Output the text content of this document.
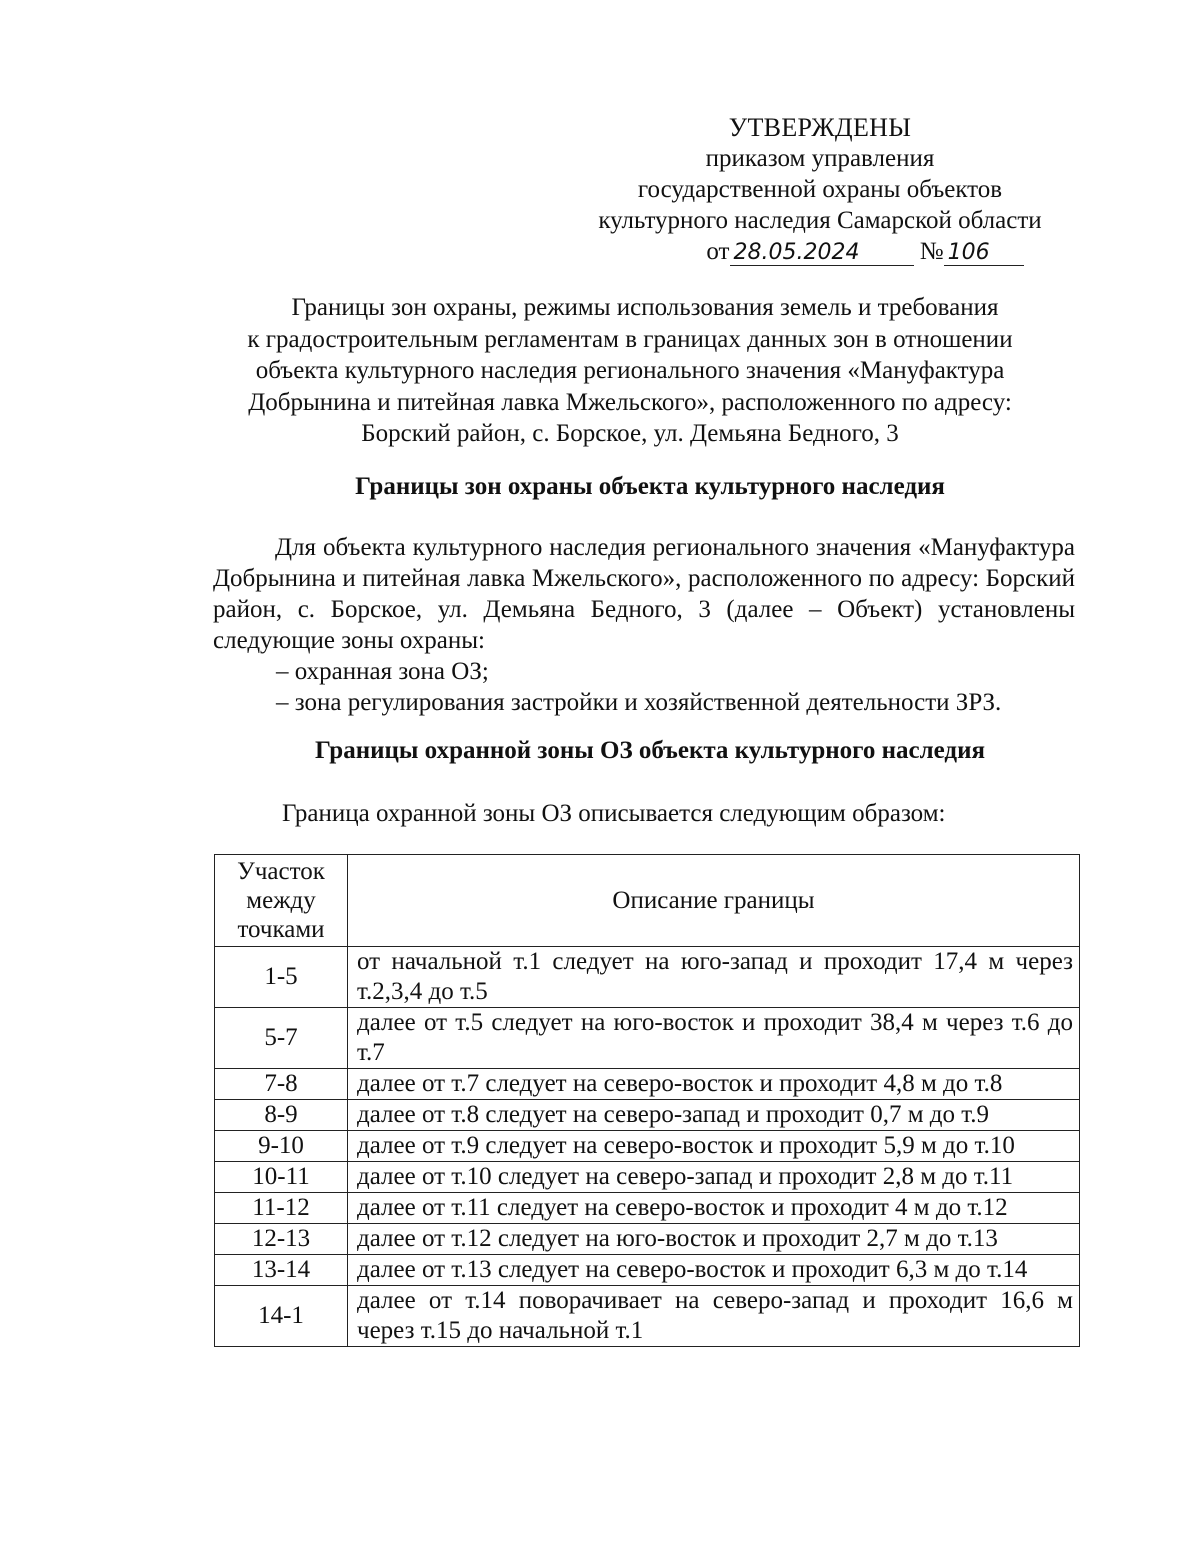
УТВЕРЖДЕНЫ
приказом управления
государственной охраны объектов
культурного наследия Самарской области
от 28.05.2024 № 106
Границы зон охраны, режимы использования земель и требования
к градостроительным регламентам в границах данных зон в отношении
объекта культурного наследия регионального значения «Мануфактура
Добрынина и питейная лавка Мжельского», расположенного по адресу:
Борский район, с. Борское, ул. Демьяна Бедного, 3
Границы зон охраны объекта культурного наследия
Для объекта культурного наследия регионального значения «Мануфактура Добрынина и питейная лавка Мжельского», расположенного по адресу: Борский район, с. Борское, ул. Демьяна Бедного, 3 (далее – Объект) установлены следующие зоны охраны:
– охранная зона ОЗ;
– зона регулирования застройки и хозяйственной деятельности ЗРЗ.
Границы охранной зоны ОЗ объекта культурного наследия
Граница охранной зоны ОЗ описывается следующим образом:
Участок
между
точками	Описание границы
1-5	от начальной т.1 следует на юго-запад и проходит 17,4 м через т.2,3,4 до т.5
5-7	далее от т.5 следует на юго-восток и проходит 38,4 м через т.6 до т.7
7-8	далее от т.7 следует на северо-восток и проходит 4,8 м до т.8
8-9	далее от т.8 следует на северо-запад и проходит 0,7 м до т.9
9-10	далее от т.9 следует на северо-восток и проходит 5,9 м до т.10
10-11	далее от т.10 следует на северо-запад и проходит 2,8 м до т.11
11-12	далее от т.11 следует на северо-восток и проходит 4 м до т.12
12-13	далее от т.12 следует на юго-восток и проходит 2,7 м до т.13
13-14	далее от т.13 следует на северо-восток и проходит 6,3 м до т.14
14-1	далее от т.14 поворачивает на северо-запад и проходит 16,6 м через т.15 до начальной т.1
